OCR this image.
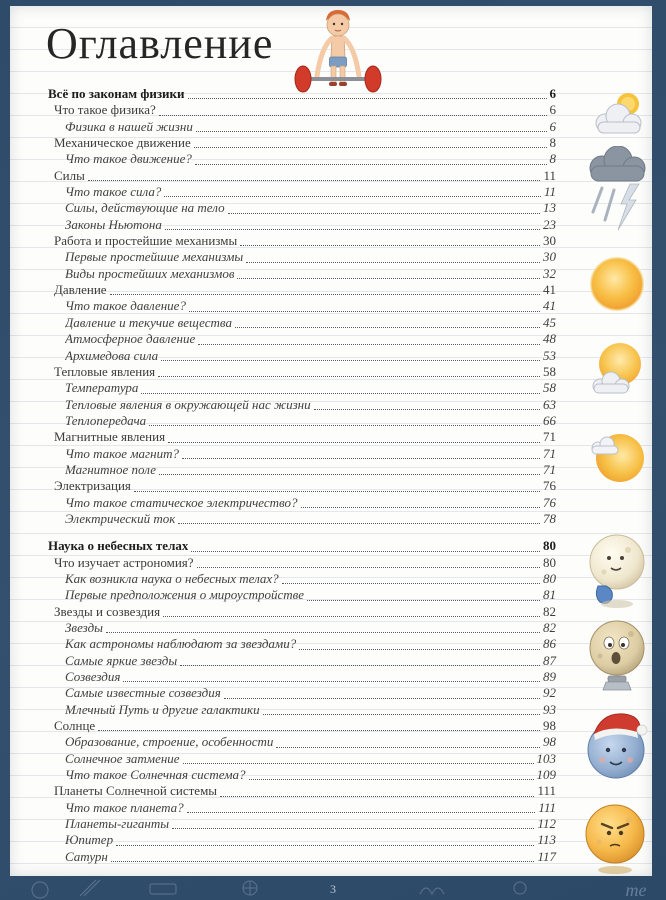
Оглавление
Всё по законам физики	6
Что такое физика?	6
Физика в нашей жизни	6
Механическое движение	8
Что такое движение?	8
Силы	11
Что такое сила?	11
Силы, действующие на тело	13
Законы Ньютона	23
Работа и простейшие механизмы	30
Первые простейшие механизмы	30
Виды простейших механизмов	32
Давление	41
Что такое давление?	41
Давление и текучие вещества	45
Атмосферное давление	48
Архимедова сила	53
Тепловые явления	58
Температура	58
Тепловые явления в окружающей нас жизни	63
Теплопередача	66
Магнитные явления	71
Что такое магнит?	71
Магнитное поле	71
Электризация	76
Что такое статическое электричество?	76
Электрический ток	78
Наука о небесных телах	80
Что изучает астрономия?	80
Как возникла наука о небесных телах?	80
Первые предположения о мироустройстве	81
Звезды и созвездия	82
Звезды	82
Как астрономы наблюдают за звездами?	86
Самые яркие звезды	87
Созвездия	89
Самые известные созвездия	92
Млечный Путь и другие галактики	93
Солнце	98
Образование, строение, особенности	98
Солнечное затмение	103
Что такое Солнечная система?	109
Планеты Солнечной системы	111
Что такое планета?	111
Планеты-гиганты	112
Юпитер	113
Сатурн	117
me
3
